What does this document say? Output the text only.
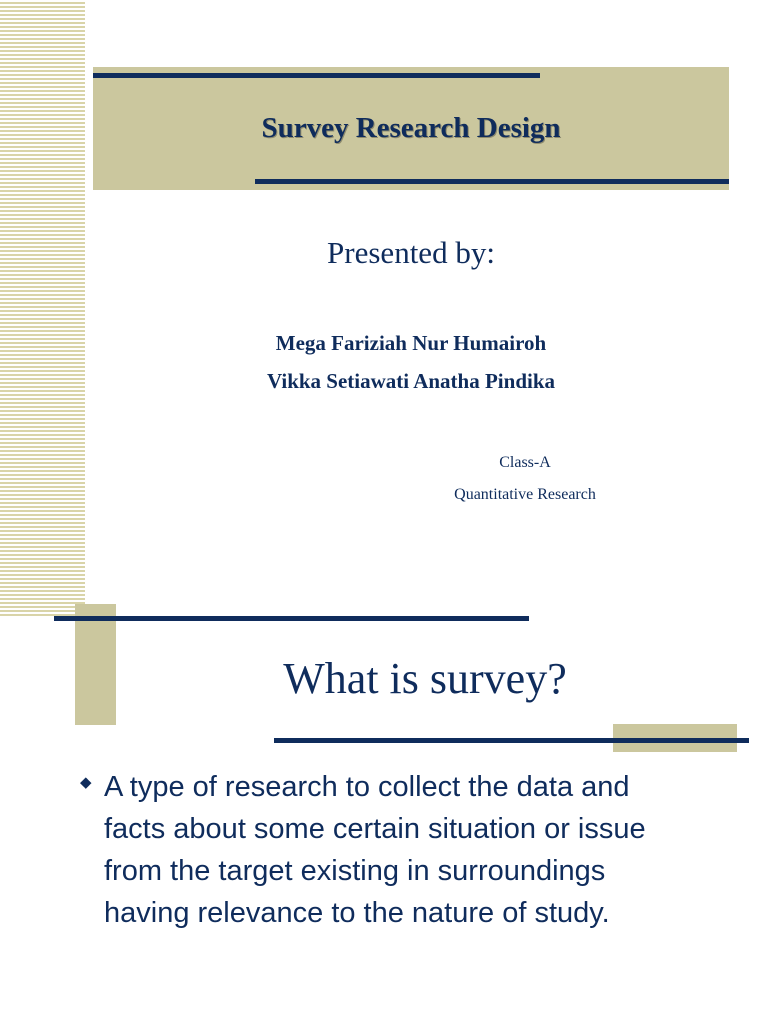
Survey Research Design

Presented by:

Mega Fariziah Nur Humairoh

Vikka Setiawati Anatha Pindika

Class-A

Quantitative Research

What is survey?
◆ A type of research to collect the data and facts about some certain situation or issue from the target existing in surroundings having relevance to the nature of study.
